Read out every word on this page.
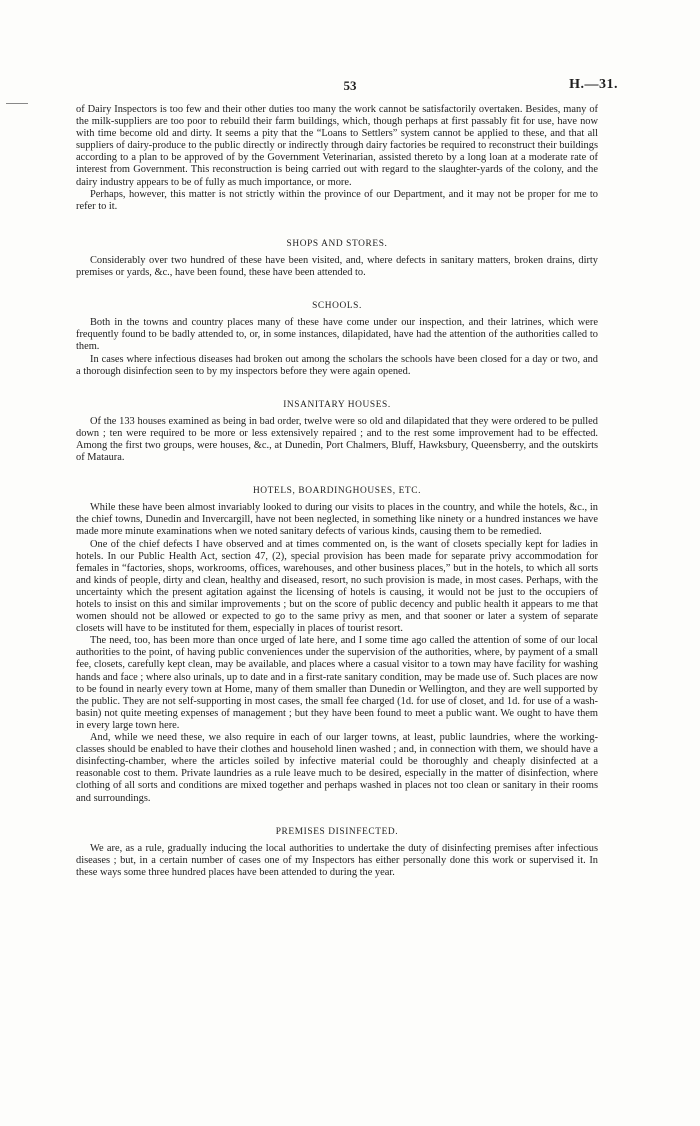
53	H.—31.

of Dairy Inspectors is too few and their other duties too many the work cannot be satisfactorily overtaken. Besides, many of the milk-suppliers are too poor to rebuild their farm buildings, which, though perhaps at first passably fit for use, have now with time become old and dirty. It seems a pity that the “Loans to Settlers” system cannot be applied to these, and that all suppliers of dairy-produce to the public directly or indirectly through dairy factories be required to reconstruct their buildings according to a plan to be approved of by the Government Veterinarian, assisted thereto by a long loan at a moderate rate of interest from Government. This reconstruction is being carried out with regard to the slaughter-yards of the colony, and the dairy industry appears to be of fully as much importance, or more.

Perhaps, however, this matter is not strictly within the province of our Department, and it may not be proper for me to refer to it.

SHOPS AND STORES.

Considerably over two hundred of these have been visited, and, where defects in sanitary matters, broken drains, dirty premises or yards, &c., have been found, these have been attended to.

SCHOOLS.

Both in the towns and country places many of these have come under our inspection, and their latrines, which were frequently found to be badly attended to, or, in some instances, dilapidated, have had the attention of the authorities called to them.

In cases where infectious diseases had broken out among the scholars the schools have been closed for a day or two, and a thorough disinfection seen to by my inspectors before they were again opened.

INSANITARY HOUSES.

Of the 133 houses examined as being in bad order, twelve were so old and dilapidated that they were ordered to be pulled down ; ten were required to be more or less extensively repaired ; and to the rest some improvement had to be effected. Among the first two groups, were houses, &c., at Dunedin, Port Chalmers, Bluff, Hawksbury, Queensberry, and the outskirts of Mataura.

HOTELS, BOARDINGHOUSES, ETC.

While these have been almost invariably looked to during our visits to places in the country, and while the hotels, &c., in the chief towns, Dunedin and Invercargill, have not been neglected, in something like ninety or a hundred instances we have made more minute examinations when we noted sanitary defects of various kinds, causing them to be remedied.

One of the chief defects I have observed and at times commented on, is the want of closets specially kept for ladies in hotels. In our Public Health Act, section 47, (2), special provision has been made for separate privy accommodation for females in “factories, shops, workrooms, offices, warehouses, and other business places,” but in the hotels, to which all sorts and kinds of people, dirty and clean, healthy and diseased, resort, no such provision is made, in most cases. Perhaps, with the uncertainty which the present agitation against the licensing of hotels is causing, it would not be just to the occupiers of hotels to insist on this and similar improvements ; but on the score of public decency and public health it appears to me that women should not be allowed or expected to go to the same privy as men, and that sooner or later a system of separate closets will have to be instituted for them, especially in places of tourist resort.

The need, too, has been more than once urged of late here, and I some time ago called the attention of some of our local authorities to the point, of having public conveniences under the supervision of the authorities, where, by payment of a small fee, closets, carefully kept clean, may be available, and places where a casual visitor to a town may have facility for washing hands and face ; where also urinals, up to date and in a first-rate sanitary condition, may be made use of. Such places are now to be found in nearly every town at Home, many of them smaller than Dunedin or Wellington, and they are well supported by the public. They are not self-supporting in most cases, the small fee charged (1d. for use of closet, and 1d. for use of a wash-basin) not quite meeting expenses of management ; but they have been found to meet a public want. We ought to have them in every large town here.

And, while we need these, we also require in each of our larger towns, at least, public laundries, where the working-classes should be enabled to have their clothes and household linen washed ; and, in connection with them, we should have a disinfecting-chamber, where the articles soiled by infective material could be thoroughly and cheaply disinfected at a reasonable cost to them. Private laundries as a rule leave much to be desired, especially in the matter of disinfection, where clothing of all sorts and conditions are mixed together and perhaps washed in places not too clean or sanitary in their rooms and surroundings.

PREMISES DISINFECTED.

We are, as a rule, gradually inducing the local authorities to undertake the duty of disinfecting premises after infectious diseases ; but, in a certain number of cases one of my Inspectors has either personally done this work or supervised it. In these ways some three hundred places have been attended to during the year.
